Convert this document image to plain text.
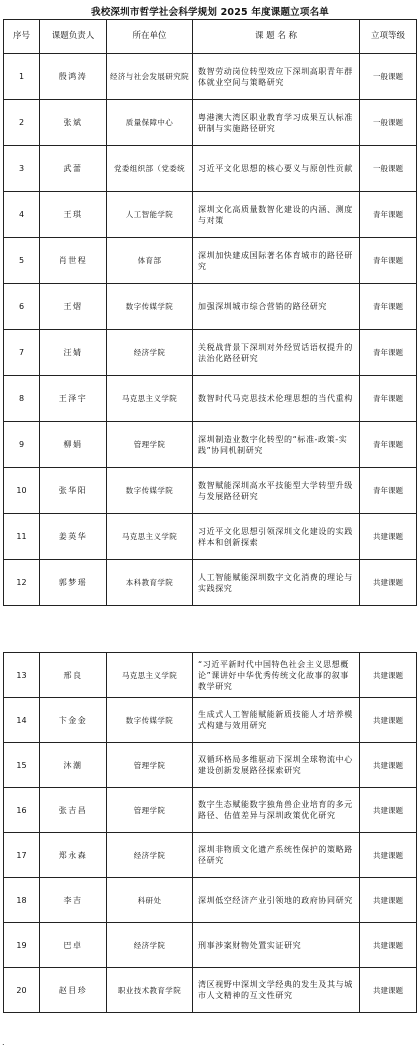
我校深圳市哲学社会科学规划 2025 年度课题立项名单
序号	课题负责人	所在单位	课 题 名 称	立项等级
1	殷鸿涛	经济与社会发展研究院	数智劳动岗位转型效应下深圳高职青年群体就业空间与策略研究	一般课题
2	张斌	质量保障中心	粤港澳大湾区职业教育学习成果互认标准研制与实施路径研究	一般课题
3	武蕾	党委组织部（党委统	习近平文化思想的核心要义与原创性贡献	一般课题
4	王琪	人工智能学院	深圳文化高质量数智化建设的内涵、测度与对策	青年课题
5	肖世程	体育部	深圳加快建成国际著名体育城市的路径研究	青年课题
6	王熠	数字传媒学院	加强深圳城市综合营销的路径研究	青年课题
7	汪婧	经济学院	关税战背景下深圳对外经贸话语权提升的法治化路径研究	青年课题
8	王泽宇	马克思主义学院	数智时代马克思技术伦理思想的当代重构	青年课题
9	柳娟	管理学院	深圳制造业数字化转型的“标准-政策-实践”协同机制研究	青年课题
10	张华阳	数字传媒学院	数智赋能深圳高水平技能型大学转型升级与发展路径研究	青年课题
11	姜英华	马克思主义学院	习近平文化思想引领深圳文化建设的实践样本和创新探索	共建课题
12	郭梦瑶	本科教育学院	人工智能赋能深圳数字文化消费的理论与实践探究	共建课题
13	邢良	马克思主义学院	“习近平新时代中国特色社会主义思想概论”课讲好中华优秀传统文化故事的叙事教学研究	共建课题
14	卞金金	数字传媒学院	生成式人工智能赋能新质技能人才培养模式构建与效用研究	共建课题
15	沐潮	管理学院	双循环格局多维驱动下深圳全球物流中心建设创新发展路径探索研究	共建课题
16	张吉昌	管理学院	数字生态赋能数字独角兽企业培育的多元路径、估值差异与深圳政策优化研究	共建课题
17	郑永森	经济学院	深圳非物质文化遗产系统性保护的策略路径研究	共建课题
18	李吉	科研处	深圳低空经济产业引领地的政府协同研究	共建课题
19	巴卓	经济学院	刑事涉案财物处置实证研究	共建课题
20	赵目珍	职业技术教育学院	湾区视野中深圳文学经典的发生及其与城市人文精神的互文性研究	共建课题
.
